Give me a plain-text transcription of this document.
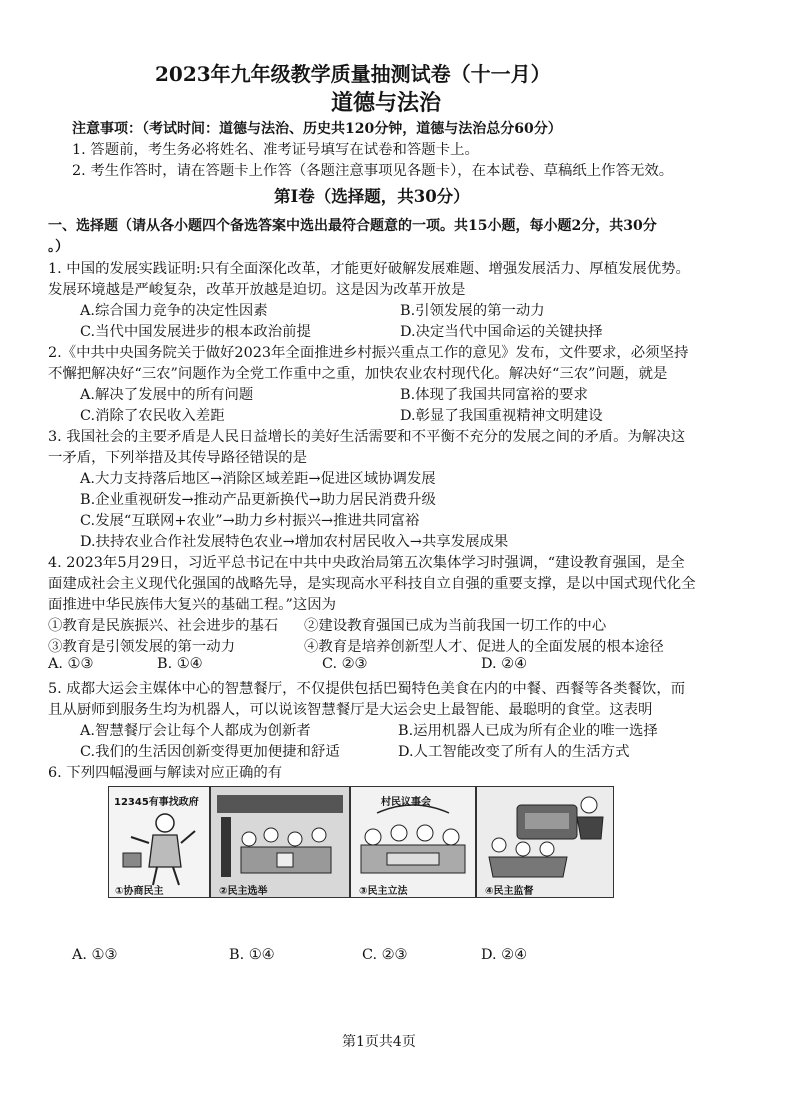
2023年九年级教学质量抽测试卷（十一月）
道德与法治
注意事项：（考试时间：道德与法治、历史共120分钟，道德与法治总分60分）
1. 答题前，考生务必将姓名、准考证号填写在试卷和答题卡上。
2. 考生作答时，请在答题卡上作答（各题注意事项见各题卡），在本试卷、草稿纸上作答无效。
第Ⅰ卷（选择题，共30分）
一、选择题（请从各小题四个备选答案中选出最符合题意的一项。共15小题，每小题2分，共30分
。）
1. 中国的发展实践证明:只有全面深化改革，才能更好破解发展难题、增强发展活力、厚植发展优势。
发展环境越是严峻复杂，改革开放越是迫切。这是因为改革开放是
A.综合国力竞争的决定性因素	B.引领发展的第一动力
C.当代中国发展进步的根本政治前提	D.决定当代中国命运的关键抉择
2.《中共中央国务院关于做好2023年全面推进乡村振兴重点工作的意见》发布，文件要求，必须坚持
不懈把解决好“三农”问题作为全党工作重中之重，加快农业农村现代化。解决好“三农”问题，就是
A.解决了发展中的所有问题	B.体现了我国共同富裕的要求
C.消除了农民收入差距	D.彰显了我国重视精神文明建设
3. 我国社会的主要矛盾是人民日益增长的美好生活需要和不平衡不充分的发展之间的矛盾。为解决这
一矛盾，下列举措及其传导路径错误的是
A.大力支持落后地区→消除区域差距→促进区域协调发展
B.企业重视研发→推动产品更新换代→助力居民消费升级
C.发展“互联网+农业”→助力乡村振兴→推进共同富裕
D.扶持农业合作社发展特色农业→增加农村居民收入→共享发展成果
4. 2023年5月29日，习近平总书记在中共中央政治局第五次集体学习时强调，“建设教育强国，是全
面建成社会主义现代化强国的战略先导，是实现高水平科技自立自强的重要支撑，是以中国式现代化全
面推进中华民族伟大复兴的基础工程。”这因为
①教育是民族振兴、社会进步的基石 ②建设教育强国已成为当前我国一切工作的中心
③教育是引领发展的第一动力	④教育是培养创新型人才、促进人的全面发展的根本途径
A. ①③	B. ①④	C. ②③	D. ②④
5. 成都大运会主媒体中心的智慧餐厅，不仅提供包括巴蜀特色美食在内的中餐、西餐等各类餐饮，而
且从厨师到服务生均为机器人，可以说该智慧餐厅是大运会史上最智能、最聪明的食堂。这表明
A.智慧餐厅会让每个人都成为创新者	B.运用机器人已成为所有企业的唯一选择
C.我们的生活因创新变得更加便捷和舒适	D.人工智能改变了所有人的生活方式
6. 下列四幅漫画与解读对应正确的有
12345有事找政府
①协商民主	②民主选举
村民议事会
③民主立法	④民主监督
A. ①③	B. ①④	C. ②③	D. ②④
第1页共4页
